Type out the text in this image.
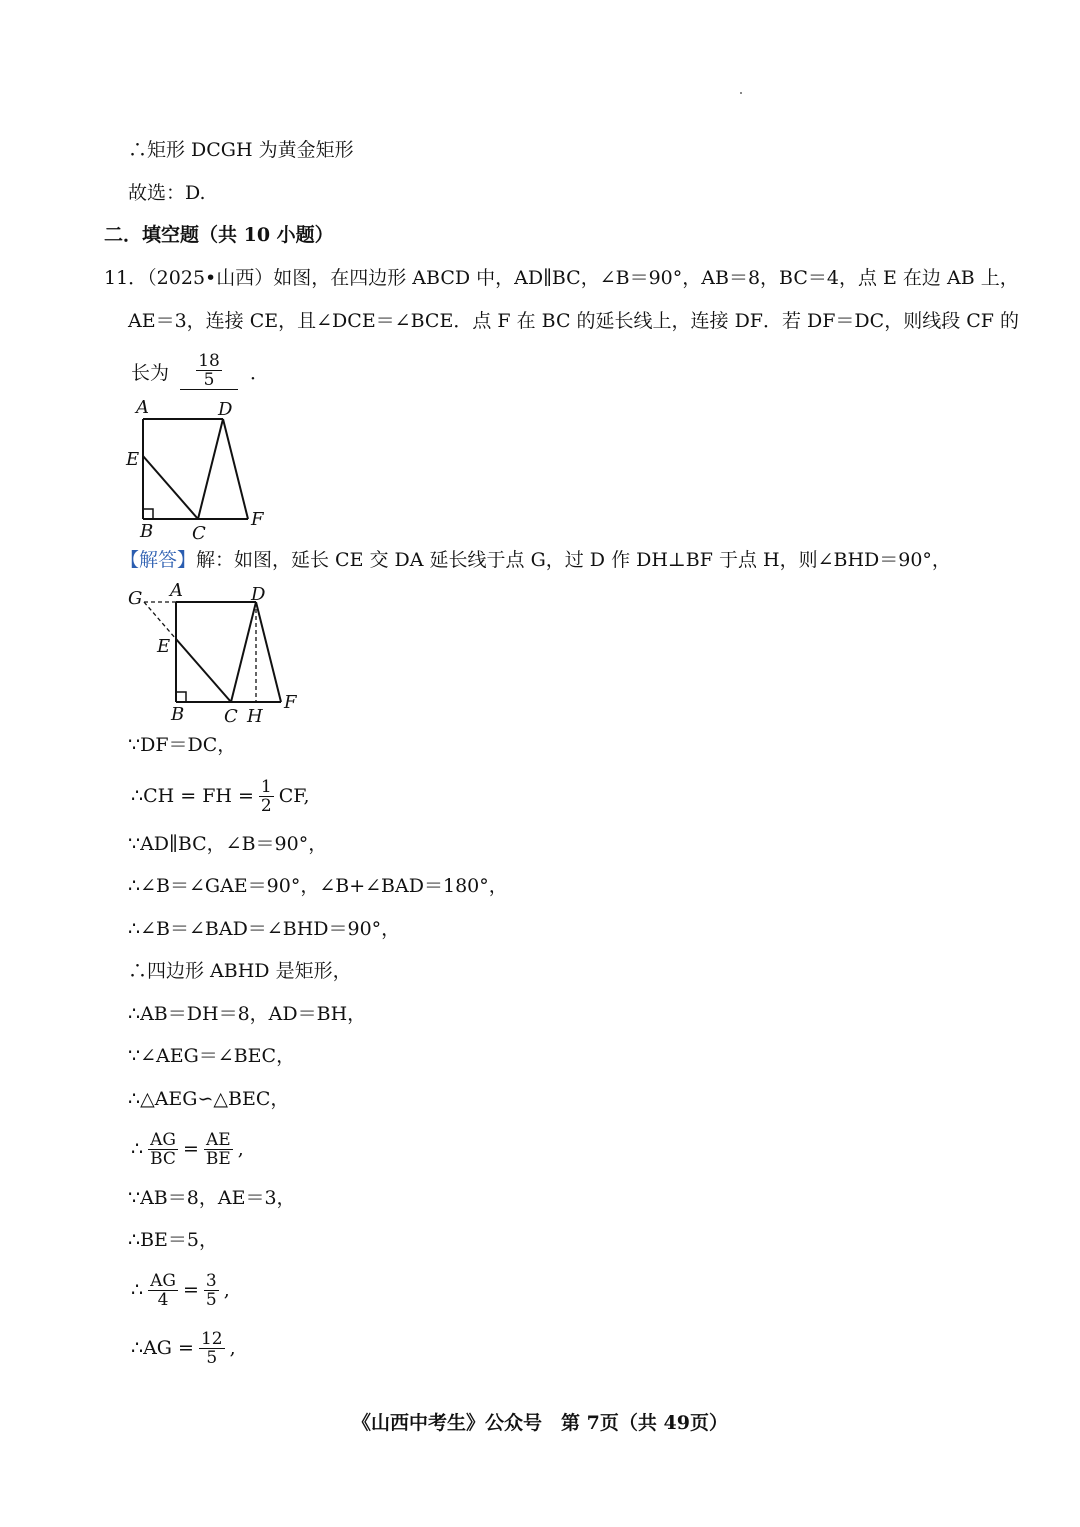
∴矩形 DCGH 为黄金矩形
故选：D.
二．填空题（共 10 小题）
11．（2025•山西）如图，在四边形 ABCD 中，AD∥BC，∠B＝90°，AB＝8，BC＝4，点 E 在边 AB 上，
AE＝3，连接 CE，且∠DCE＝∠BCE．点 F 在 BC 的延长线上，连接 DF．若 DF＝DC，则线段 CF 的
长为 $\frac{18}{5}$ ．
A	D
E
B C
F
【解答】解：如图，延长 CE 交 DA 延长线于点 G，过 D 作 DH⊥BF 于点 H，则∠BHD＝90°，
G A	D
E
B C H
F
∵DF＝DC，
∴CH = FH = $\frac{1}{2}$ CF,
∵AD∥BC，∠B＝90°，
∴∠B＝∠GAE＝90°，∠B+∠BAD＝180°，
∴∠B＝∠BAD＝∠BHD＝90°，
∴四边形 ABHD 是矩形，
∴AB＝DH＝8，AD＝BH，
∵∠AEG＝∠BEC，
∴△AEG∽△BEC，
∴ $\frac{AG}{BC} = \frac{AE}{BE}$ ,
∵AB＝8，AE＝3，
∴BE＝5，
∴ $\frac{AG}{4} = \frac{3}{5}$ ,
∴AG = $\frac{12}{5}$ ,
《山西中考生》公众号　第 7页（共 49页）
